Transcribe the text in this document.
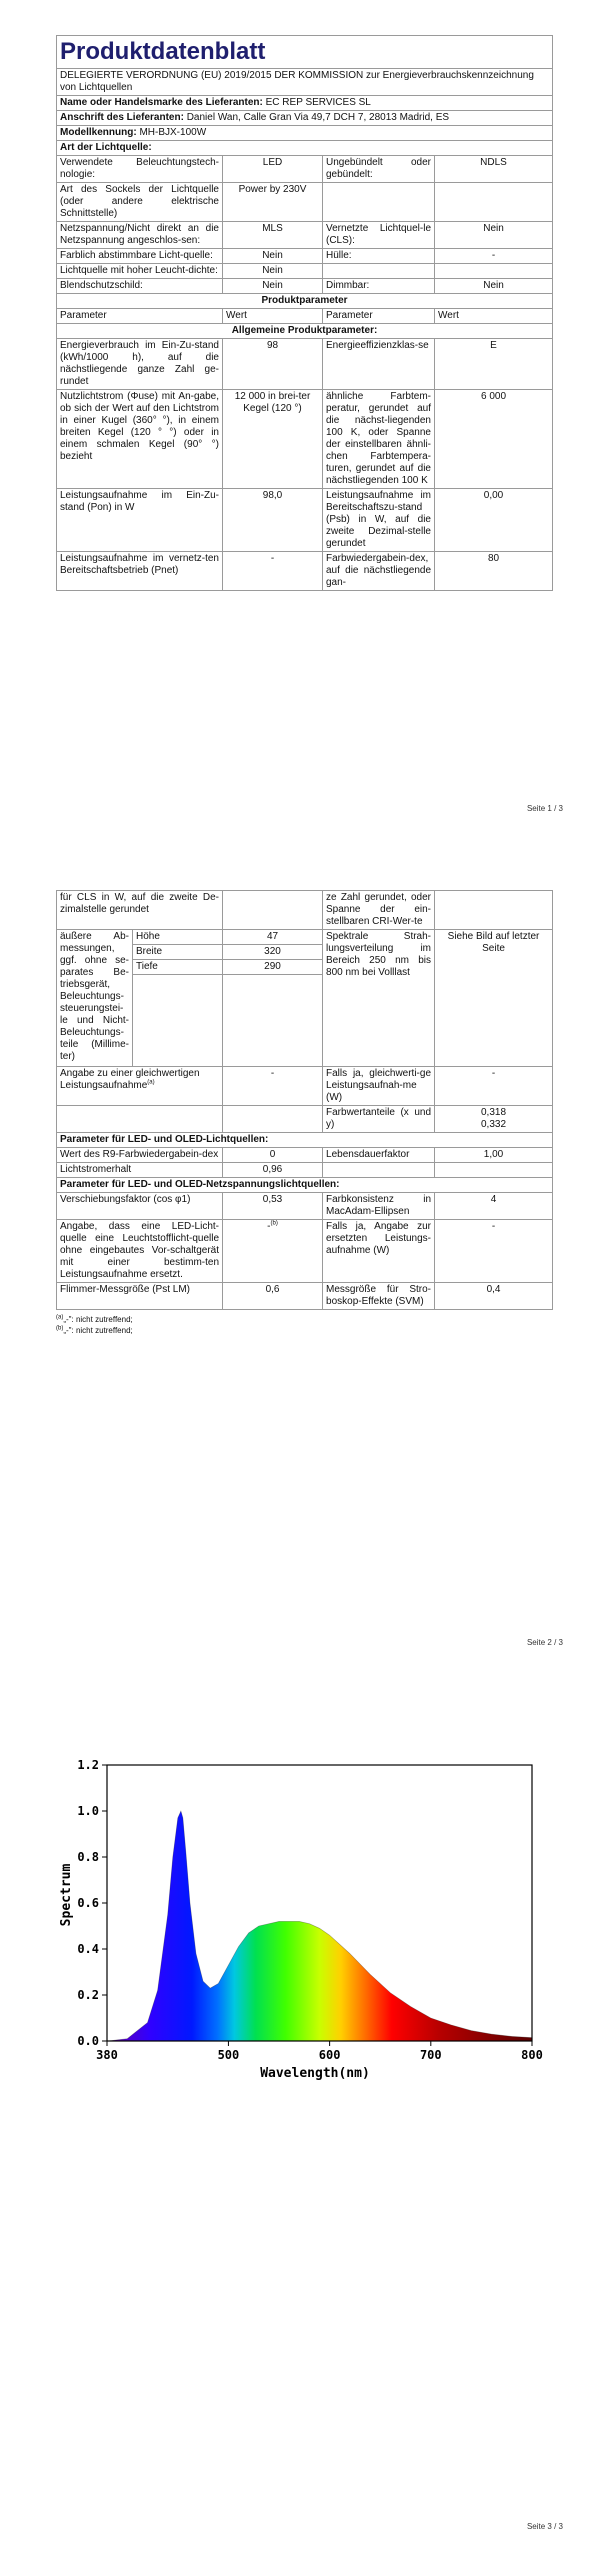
Produktdatenblatt			
DELEGIERTE VERORDNUNG (EU) 2019/2015 DER KOMMISSION zur Energieverbrauchskennzeichnung von Lichtquellen			
Name oder Handelsmarke des Lieferanten: EC REP SERVICES SL			
Anschrift des Lieferanten: Daniel Wan, Calle Gran Via 49,7 DCH 7, 28013 Madrid, ES			
Modellkennung: MH-BJX-100W			
Art der Lichtquelle:			
Verwendete Beleuchtungstech-nologie:	LED	Ungebündelt oder gebündelt:	NDLS
Art des Sockels der Lichtquelle (oder andere elektrische Schnittstelle)	Power by 230V		
Netzspannung/Nicht direkt an die Netzspannung angeschlos-sen:	MLS	Vernetzte Lichtquel-le (CLS):	Nein
Farblich abstimmbare Licht-quelle:	Nein	Hülle:	-
Lichtquelle mit hoher Leucht-dichte:	Nein		
Blendschutzschild:	Nein	Dimmbar:	Nein
Produktparameter			
Parameter	Wert	Parameter	Wert
Allgemeine Produktparameter:			
Energieverbrauch im Ein-Zu-stand (kWh/1000 h), auf die nächstliegende ganze Zahl ge-rundet	98	Energieeffizienzklas-se	E
Nutzlichtstrom (Φuse) mit An-gabe, ob sich der Wert auf den Lichtstrom in einer Kugel (360° °), in einem breiten Kegel (120 ° °) oder in einem schmalen Kegel (90° °) bezieht	12 000 in brei-ter Kegel (120 °)	ähnliche Farbtem-peratur, gerundet auf die nächst-liegenden 100 K, oder Spanne der einstellbaren ähnli-chen Farbtempera-turen, gerundet auf die nächstliegenden 100 K	6 000
Leistungsaufnahme im Ein-Zu-stand (Pon) in W	98,0	Leistungsaufnahme im Bereitschaftszu-stand (Psb) in W, auf die zweite Dezimal-stelle gerundet	0,00
Leistungsaufnahme im vernetz-ten Bereitschaftsbetrieb (Pnet)	-	Farbwiedergabein-dex, auf die nächstliegende gan-	80
Seite 1 / 3
für CLS in W, auf die zweite De-zimalstelle gerundet			ze Zahl gerundet, oder Spanne der ein-stellbaren CRI-Wer-te	
äußere Ab-messungen, ggf. ohne se-parates Be-triebsgerät, Beleuchtungs-steuerungstei-le und Nicht-Beleuchtungs-teile (Millime-ter)	Höhe	47	Spektrale Strah-lungsverteilung im Bereich 250 nm bis 800 nm bei Volllast	Siehe Bild auf letzter Seite
	Breite	320		
	Tiefe	290		

Angabe zu einer gleichwertigen Leistungsaufnahme$^{(a)}$		-	Falls ja, gleichwerti-ge Leistungsaufnah-me (W)	-
			Farbwertanteile (x und y)	0,318
0,332
Parameter für LED- und OLED-Lichtquellen:				
Wert des R9-Farbwiedergabein-dex		0	Lebensdauerfaktor	1,00
Lichtstromerhalt		0,96		
Parameter für LED- und OLED-Netzspannungslichtquellen:				
Verschiebungsfaktor (cos φ1)		0,53	Farbkonsistenz in MacAdam-Ellipsen	4
Angabe, dass eine LED-Licht-quelle eine Leuchtstofflicht-quelle ohne eingebautes Vor-schaltgerät mit einer bestimm-ten Leistungsaufnahme ersetzt.		-$^{(b)}$	Falls ja, Angabe zur ersetzten Leistungs-aufnahme (W)	-
Flimmer-Messgröße (Pst LM)		0,6	Messgröße für Stro-boskop-Effekte (SVM)	0,4
$^{(a)}$„-": nicht zutreffend;
$^{(b)}$„-": nicht zutreffend;
Seite 2 / 3
380	500	600	700	800
0.0
0.2
0.4
0.6
0.8
1.0
1.2
Wavelength(nm)
Spectrum
Seite 3 / 3
